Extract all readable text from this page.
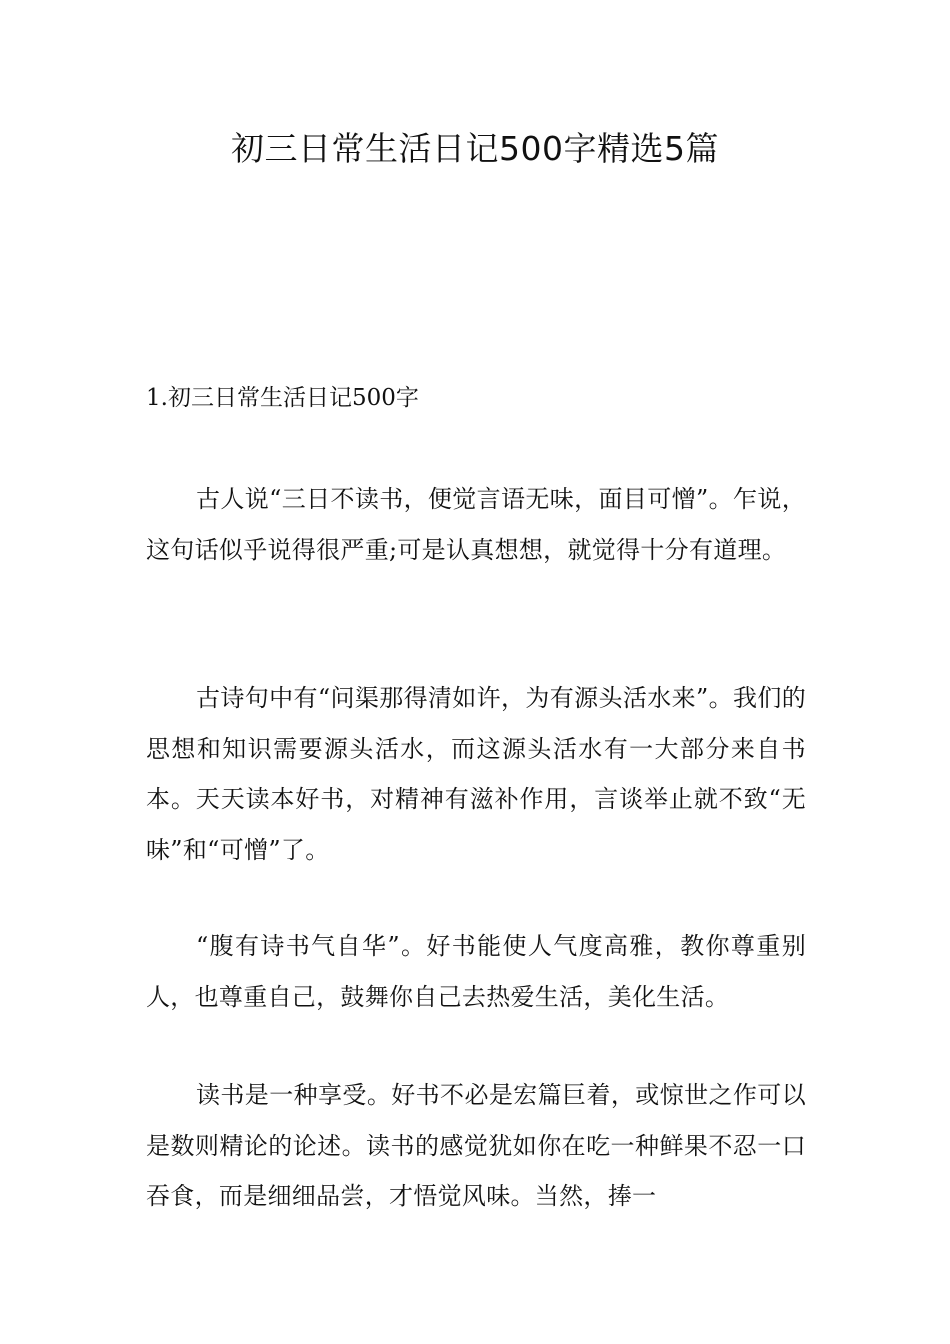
初三日常生活日记500字精选5篇
1.初三日常生活日记500字

古人说“三日不读书，便觉言语无味，面目可憎”。乍说，这句话似乎说得很严重;可是认真想想，就觉得十分有道理。

古诗句中有“问渠那得清如许，为有源头活水来”。我们的思想和知识需要源头活水，而这源头活水有一大部分来自书本。天天读本好书，对精神有滋补作用，言谈举止就不致“无味”和“可憎”了。

“腹有诗书气自华”。好书能使人气度高雅，教你尊重别人，也尊重自己，鼓舞你自己去热爱生活，美化生活。

读书是一种享受。好书不必是宏篇巨着，或惊世之作可以是数则精论的论述。读书的感觉犹如你在吃一种鲜果不忍一口吞食，而是细细品尝，才悟觉风味。当然，捧一
